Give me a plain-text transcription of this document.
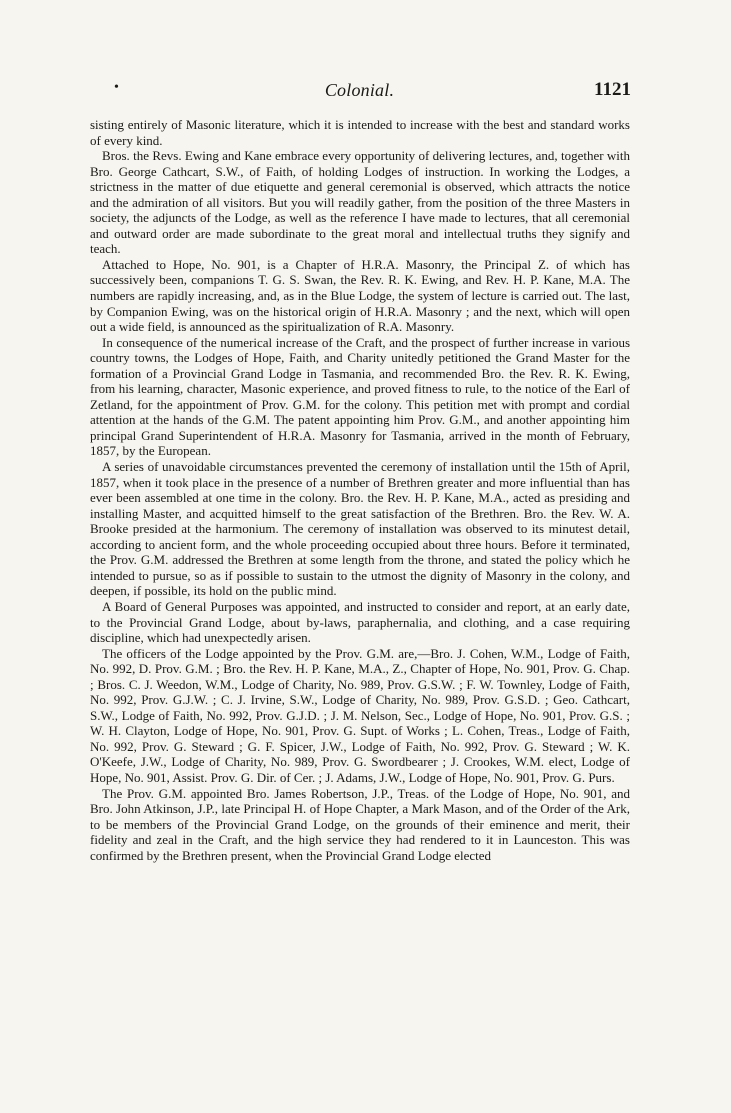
•	Colonial.	1121

sisting entirely of Masonic literature, which it is intended to increase with the best and standard works of every kind.

Bros. the Revs. Ewing and Kane embrace every opportunity of delivering lectures, and, together with Bro. George Cathcart, S.W., of Faith, of holding Lodges of instruction. In working the Lodges, a strictness in the matter of due etiquette and general ceremonial is observed, which attracts the notice and the admiration of all visitors. But you will readily gather, from the position of the three Masters in society, the adjuncts of the Lodge, as well as the reference I have made to lectures, that all ceremonial and outward order are made subordinate to the great moral and intellectual truths they signify and teach.

Attached to Hope, No. 901, is a Chapter of H.R.A. Masonry, the Principal Z. of which has successively been, companions T. G. S. Swan, the Rev. R. K. Ewing, and Rev. H. P. Kane, M.A. The numbers are rapidly increasing, and, as in the Blue Lodge, the system of lecture is carried out. The last, by Companion Ewing, was on the historical origin of H.R.A. Masonry ; and the next, which will open out a wide field, is announced as the spiritualization of R.A. Masonry.

In consequence of the numerical increase of the Craft, and the prospect of further increase in various country towns, the Lodges of Hope, Faith, and Charity unitedly petitioned the Grand Master for the formation of a Provincial Grand Lodge in Tasmania, and recommended Bro. the Rev. R. K. Ewing, from his learning, character, Masonic experience, and proved fitness to rule, to the notice of the Earl of Zetland, for the appointment of Prov. G.M. for the colony. This petition met with prompt and cordial attention at the hands of the G.M. The patent appointing him Prov. G.M., and another appointing him principal Grand Superintendent of H.R.A. Masonry for Tasmania, arrived in the month of February, 1857, by the European.

A series of unavoidable circumstances prevented the ceremony of installation until the 15th of April, 1857, when it took place in the presence of a number of Brethren greater and more influential than has ever been assembled at one time in the colony. Bro. the Rev. H. P. Kane, M.A., acted as presiding and installing Master, and acquitted himself to the great satisfaction of the Brethren. Bro. the Rev. W. A. Brooke presided at the harmonium. The ceremony of installation was observed to its minutest detail, according to ancient form, and the whole proceeding occupied about three hours. Before it terminated, the Prov. G.M. addressed the Brethren at some length from the throne, and stated the policy which he intended to pursue, so as if possible to sustain to the utmost the dignity of Masonry in the colony, and deepen, if possible, its hold on the public mind.

A Board of General Purposes was appointed, and instructed to consider and report, at an early date, to the Provincial Grand Lodge, about by-laws, paraphernalia, and clothing, and a case requiring discipline, which had unexpectedly arisen.

The officers of the Lodge appointed by the Prov. G.M. are,—Bro. J. Cohen, W.M., Lodge of Faith, No. 992, D. Prov. G.M. ; Bro. the Rev. H. P. Kane, M.A., Z., Chapter of Hope, No. 901, Prov. G. Chap. ; Bros. C. J. Weedon, W.M., Lodge of Charity, No. 989, Prov. G.S.W. ; F. W. Townley, Lodge of Faith, No. 992, Prov. G.J.W. ; C. J. Irvine, S.W., Lodge of Charity, No. 989, Prov. G.S.D. ; Geo. Cathcart, S.W., Lodge of Faith, No. 992, Prov. G.J.D. ; J. M. Nelson, Sec., Lodge of Hope, No. 901, Prov. G.S. ; W. H. Clayton, Lodge of Hope, No. 901, Prov. G. Supt. of Works ; L. Cohen, Treas., Lodge of Faith, No. 992, Prov. G. Steward ; G. F. Spicer, J.W., Lodge of Faith, No. 992, Prov. G. Steward ; W. K. O'Keefe, J.W., Lodge of Charity, No. 989, Prov. G. Swordbearer ; J. Crookes, W.M. elect, Lodge of Hope, No. 901, Assist. Prov. G. Dir. of Cer. ; J. Adams, J.W., Lodge of Hope, No. 901, Prov. G. Purs.

The Prov. G.M. appointed Bro. James Robertson, J.P., Treas. of the Lodge of Hope, No. 901, and Bro. John Atkinson, J.P., late Principal H. of Hope Chapter, a Mark Mason, and of the Order of the Ark, to be members of the Provincial Grand Lodge, on the grounds of their eminence and merit, their fidelity and zeal in the Craft, and the high service they had rendered to it in Launceston. This was confirmed by the Brethren present, when the Provincial Grand Lodge elected
